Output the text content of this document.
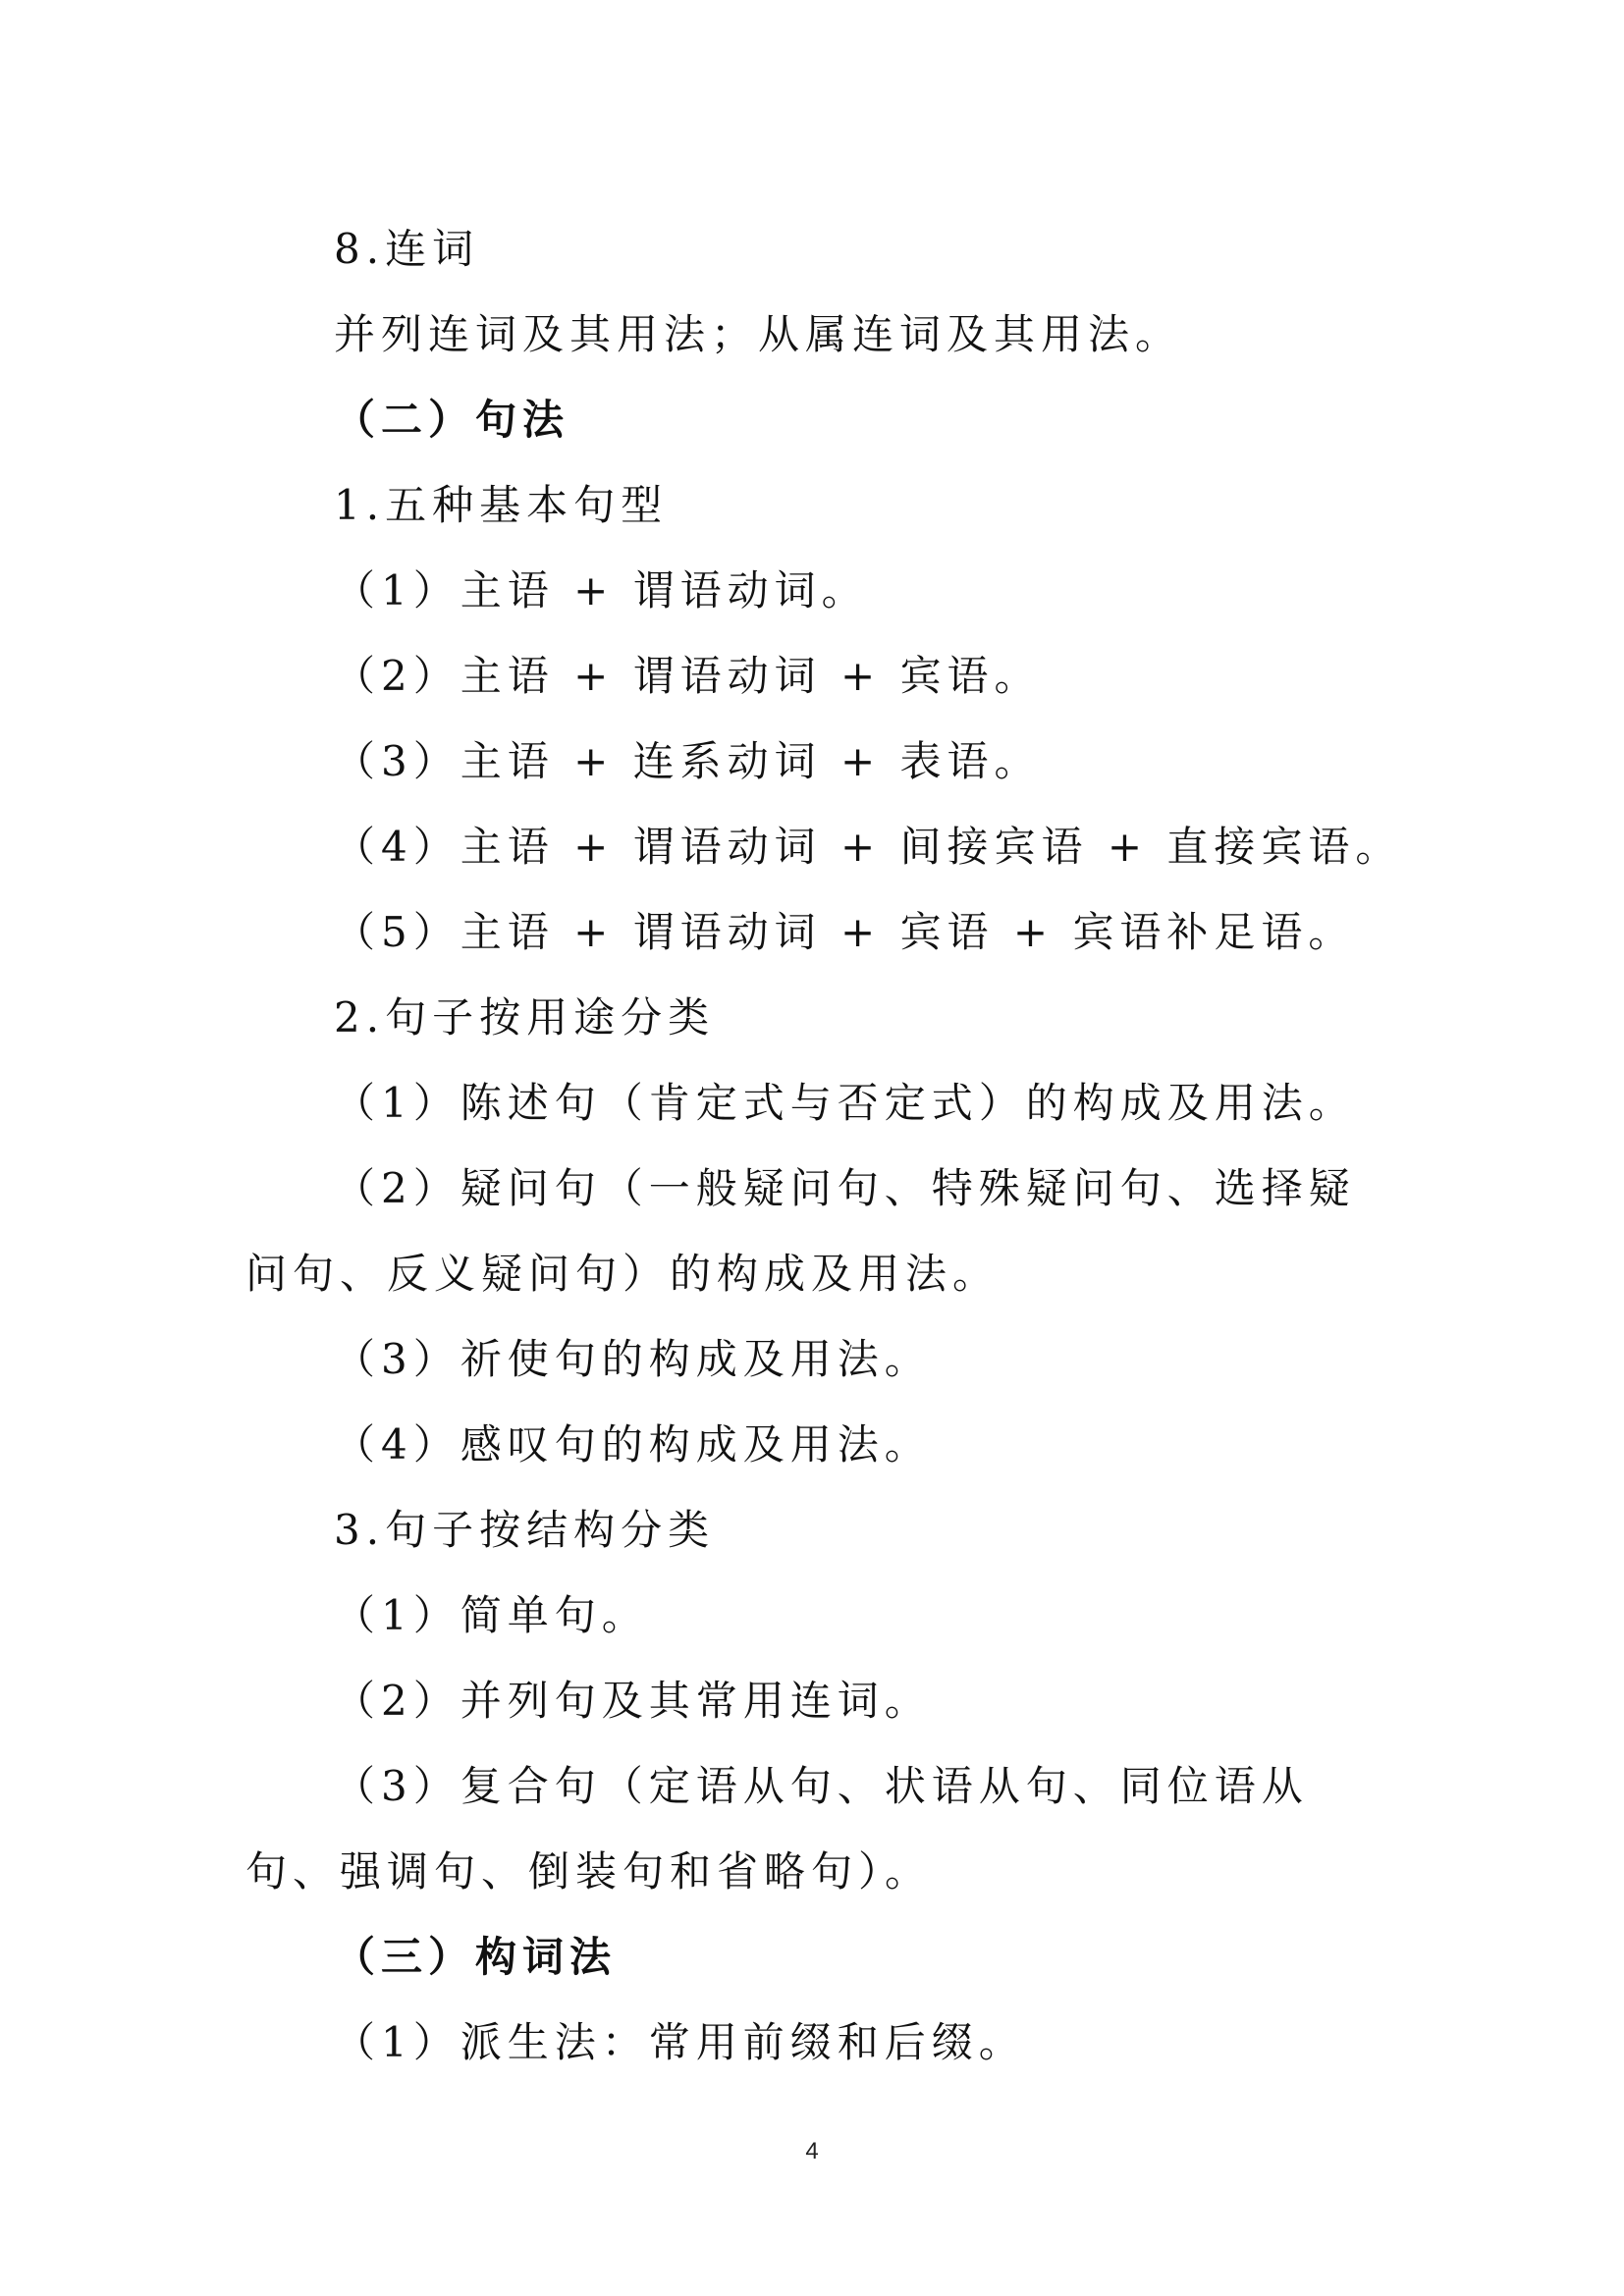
8.连词

并列连词及其用法；从属连词及其用法。

（二）句法

1.五种基本句型

（1）主语 + 谓语动词。

（2）主语 + 谓语动词 + 宾语。

（3）主语 + 连系动词 + 表语。

（4）主语 + 谓语动词 + 间接宾语 + 直接宾语。

（5）主语 + 谓语动词 + 宾语 + 宾语补足语。

2.句子按用途分类

（1）陈述句（肯定式与否定式）的构成及用法。

（2）疑问句（一般疑问句、特殊疑问句、选择疑问句、反义疑问句）的构成及用法。

（3）祈使句的构成及用法。

（4）感叹句的构成及用法。

3.句子按结构分类

（1）简单句。

（2）并列句及其常用连词。

（3）复合句（定语从句、状语从句、同位语从句、强调句、倒装句和省略句）。

（三）构词法

（1）派生法：常用前缀和后缀。

4
